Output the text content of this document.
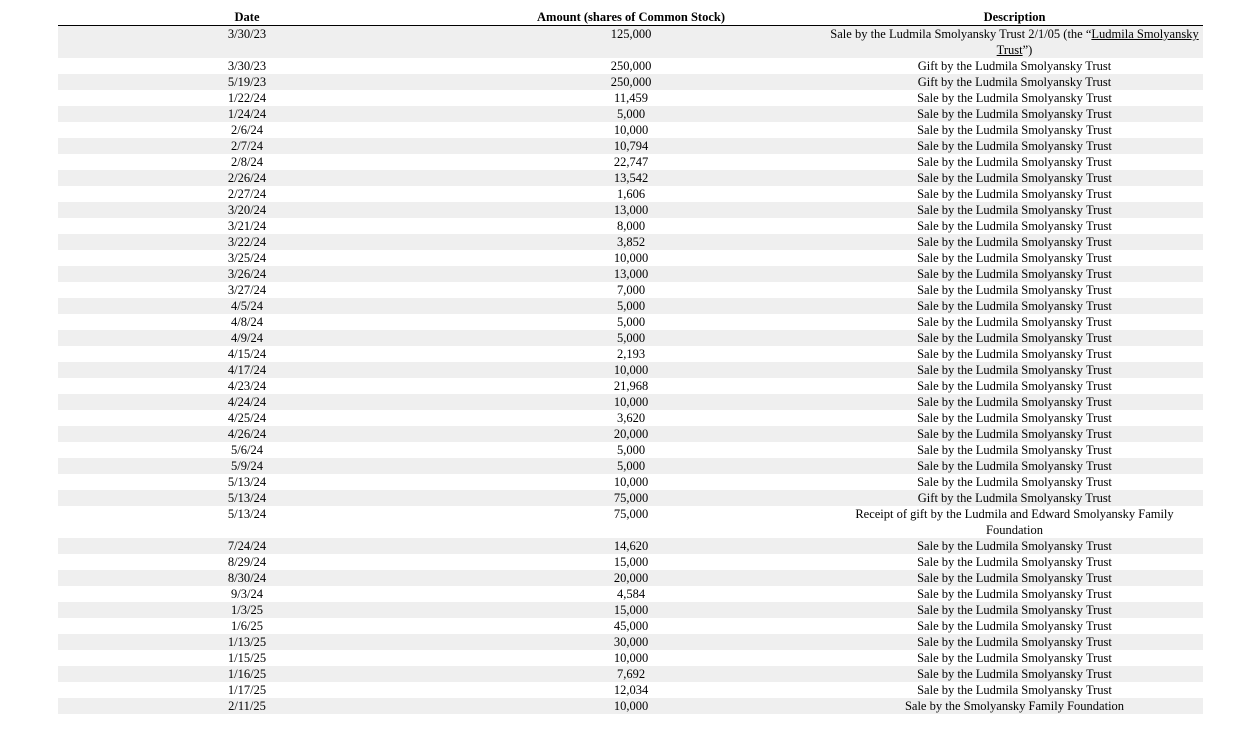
Date	Amount (shares of Common Stock)	Description
3/30/23	125,000	Sale by the Ludmila Smolyansky Trust 2/1/05 (the “Ludmila Smolyansky Trust”)
3/30/23	250,000	Gift by the Ludmila Smolyansky Trust
5/19/23	250,000	Gift by the Ludmila Smolyansky Trust
1/22/24	11,459	Sale by the Ludmila Smolyansky Trust
1/24/24	5,000	Sale by the Ludmila Smolyansky Trust
2/6/24	10,000	Sale by the Ludmila Smolyansky Trust
2/7/24	10,794	Sale by the Ludmila Smolyansky Trust
2/8/24	22,747	Sale by the Ludmila Smolyansky Trust
2/26/24	13,542	Sale by the Ludmila Smolyansky Trust
2/27/24	1,606	Sale by the Ludmila Smolyansky Trust
3/20/24	13,000	Sale by the Ludmila Smolyansky Trust
3/21/24	8,000	Sale by the Ludmila Smolyansky Trust
3/22/24	3,852	Sale by the Ludmila Smolyansky Trust
3/25/24	10,000	Sale by the Ludmila Smolyansky Trust
3/26/24	13,000	Sale by the Ludmila Smolyansky Trust
3/27/24	7,000	Sale by the Ludmila Smolyansky Trust
4/5/24	5,000	Sale by the Ludmila Smolyansky Trust
4/8/24	5,000	Sale by the Ludmila Smolyansky Trust
4/9/24	5,000	Sale by the Ludmila Smolyansky Trust
4/15/24	2,193	Sale by the Ludmila Smolyansky Trust
4/17/24	10,000	Sale by the Ludmila Smolyansky Trust
4/23/24	21,968	Sale by the Ludmila Smolyansky Trust
4/24/24	10,000	Sale by the Ludmila Smolyansky Trust
4/25/24	3,620	Sale by the Ludmila Smolyansky Trust
4/26/24	20,000	Sale by the Ludmila Smolyansky Trust
5/6/24	5,000	Sale by the Ludmila Smolyansky Trust
5/9/24	5,000	Sale by the Ludmila Smolyansky Trust
5/13/24	10,000	Sale by the Ludmila Smolyansky Trust
5/13/24	75,000	Gift by the Ludmila Smolyansky Trust
5/13/24	75,000	Receipt of gift by the Ludmila and Edward Smolyansky Family Foundation
7/24/24	14,620	Sale by the Ludmila Smolyansky Trust
8/29/24	15,000	Sale by the Ludmila Smolyansky Trust
8/30/24	20,000	Sale by the Ludmila Smolyansky Trust
9/3/24	4,584	Sale by the Ludmila Smolyansky Trust
1/3/25	15,000	Sale by the Ludmila Smolyansky Trust
1/6/25	45,000	Sale by the Ludmila Smolyansky Trust
1/13/25	30,000	Sale by the Ludmila Smolyansky Trust
1/15/25	10,000	Sale by the Ludmila Smolyansky Trust
1/16/25	7,692	Sale by the Ludmila Smolyansky Trust
1/17/25	12,034	Sale by the Ludmila Smolyansky Trust
2/11/25	10,000	Sale by the Smolyansky Family Foundation
